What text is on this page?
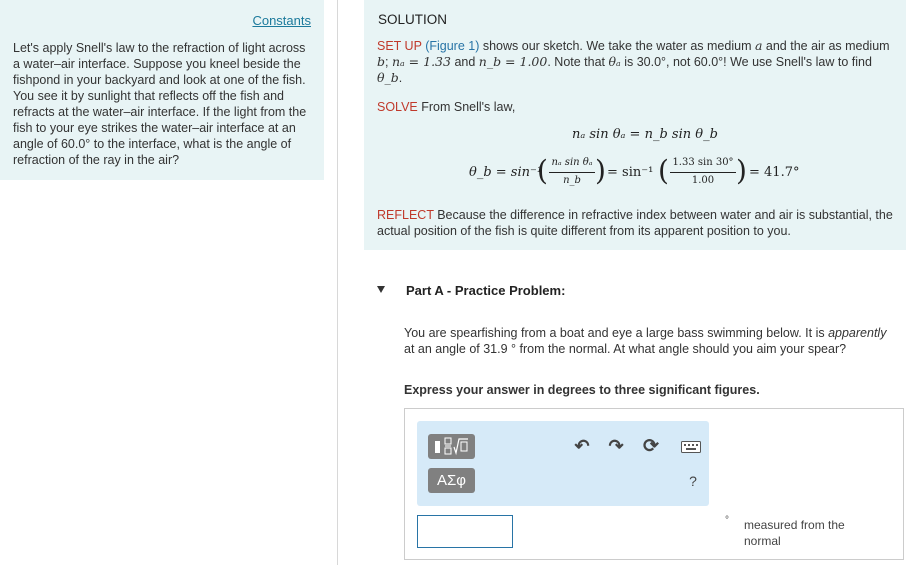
Constants
Let's apply Snell's law to the refraction of light across a water–air interface. Suppose you kneel beside the fishpond in your backyard and look at one of the fish. You see it by sunlight that reflects off the fish and refracts at the water–air interface. If the light from the fish to your eye strikes the water–air interface at an angle of 60.0° to the interface, what is the angle of refraction of the ray in the air?
SOLUTION
SET UP (Figure 1) shows our sketch. We take the water as medium a and the air as medium b; nₐ = 1.33 and n_b = 1.00. Note that θₐ is 30.0°, not 60.0°! We use Snell's law to find θ_b.
SOLVE From Snell's law,
nₐ sin θₐ = n_b sin θ_b
θ_b = sin⁻¹
( nₐ sin θₐ
n_b ) = sin⁻¹ ( 1.33 sin 30°
1.00 ) = 41.7°
REFLECT Because the difference in refractive index between water and air is substantial, the actual position of the fish is quite different from its apparent position to you.
Part A - Practice Problem:
You are spearfishing from a boat and eye a large bass swimming below. It is apparently at an angle of 31.9 ° from the normal. At what angle should you aim your spear?
Express your answer in degrees to three significant figures.
ΑΣφ
↶ ↷ ⟳
?
° measured from the normal
